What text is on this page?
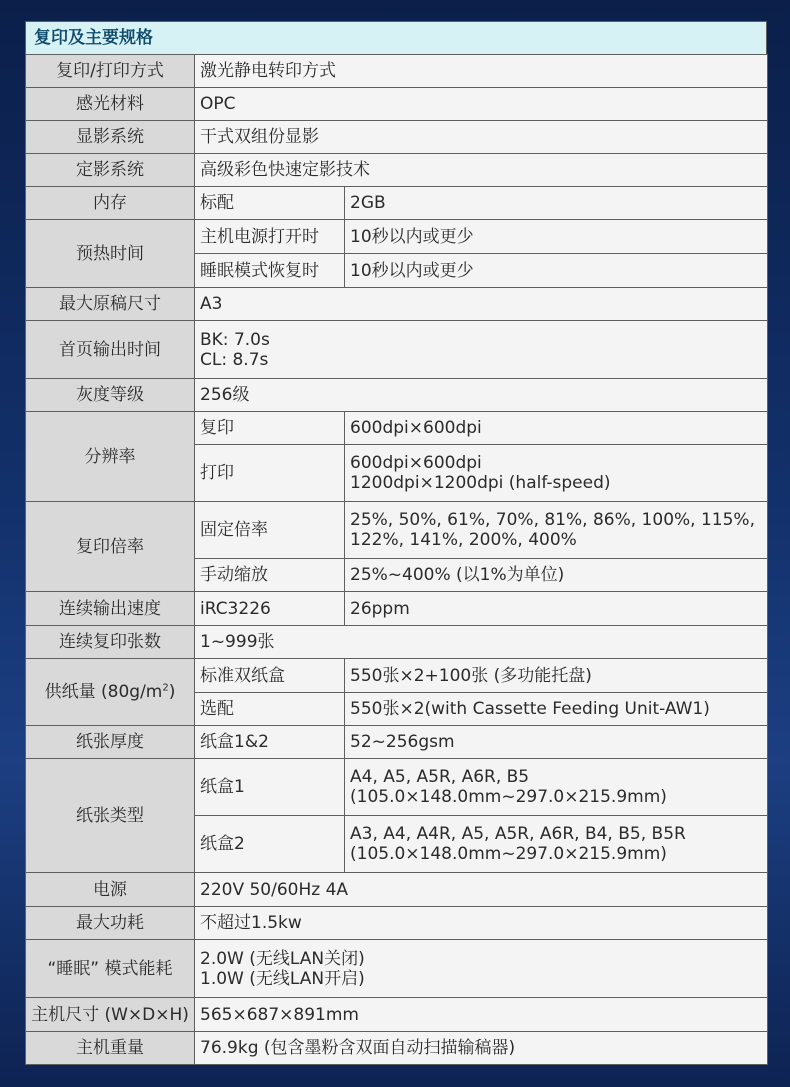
复印及主要规格
复印/打印方式	激光静电转印方式	
感光材料	OPC	
显影系统	干式双组份显影	
定影系统	高级彩色快速定影技术	
内存	标配	2GB
预热时间	主机电源打开时	10秒以内或更少
	睡眠模式恢复时	10秒以内或更少
最大原稿尺寸	A3	
首页输出时间	BK: 7.0s
CL: 8.7s	

灰度等级	256级	
分辨率	复印	600dpi×600dpi
	打印	600dpi×600dpi
1200dpi×1200dpi (half-speed)

复印倍率	固定倍率	25%, 50%, 61%, 70%, 81%, 86%, 100%, 115%,
122%, 141%, 200%, 400%

	手动缩放	25%~400% (以1%为单位)
连续输出速度	iRC3226	26ppm
连续复印张数	1~999张	
供纸量 $(80g/m^2)$	标准双纸盒	550张×2+100张 (多功能托盘)
	选配	550张×2(with Cassette Feeding Unit-AW1)
纸张厚度	纸盒1&2	52~256gsm
纸张类型	纸盒1	A4, A5, A5R, A6R, B5
(105.0×148.0mm~297.0×215.9mm)

	纸盒2	A3, A4, A4R, A5, A5R, A6R, B4, B5, B5R
(105.0×148.0mm~297.0×215.9mm)

电源	220V 50/60Hz 4A	
最大功耗	不超过1.5kw	
“睡眠” 模式能耗	2.0W (无线LAN关闭)
1.0W (无线LAN开启)	

主机尺寸 (W×D×H)	565×687×891mm	
主机重量	76.9kg (包含墨粉含双面自动扫描输稿器)	
